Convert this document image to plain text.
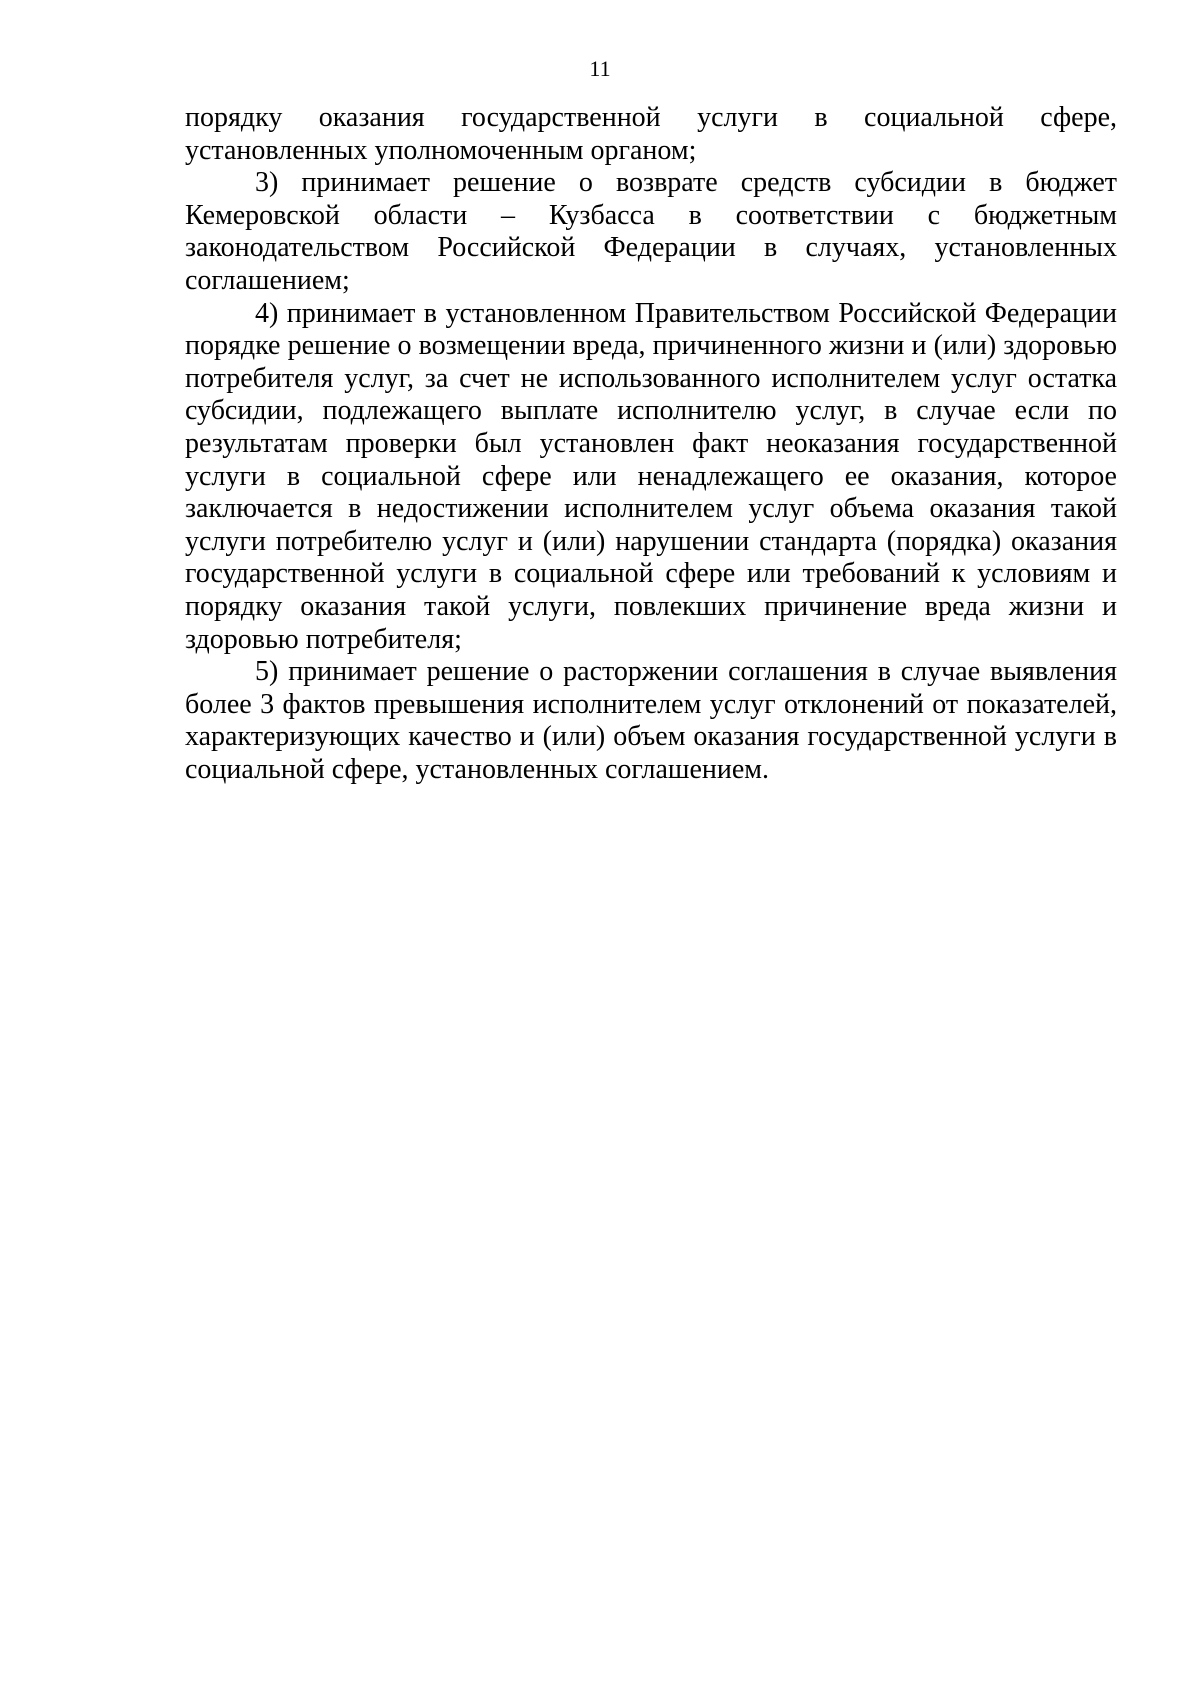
11

порядку оказания государственной услуги в социальной сфере, установленных уполномоченным органом;

3) принимает решение о возврате средств субсидии в бюджет Кемеровской области – Кузбасса в соответствии с бюджетным законодательством Российской Федерации в случаях, установленных соглашением;

4) принимает в установленном Правительством Российской Федерации порядке решение о возмещении вреда, причиненного жизни и (или) здоровью потребителя услуг, за счет не использованного исполнителем услуг остатка субсидии, подлежащего выплате исполнителю услуг, в случае если по результатам проверки был установлен факт неоказания государственной услуги в социальной сфере или ненадлежащего ее оказания, которое заключается в недостижении исполнителем услуг объема оказания такой услуги потребителю услуг и (или) нарушении стандарта (порядка) оказания государственной услуги в социальной сфере или требований к условиям и порядку оказания такой услуги, повлекших причинение вреда жизни и здоровью потребителя;

5) принимает решение о расторжении соглашения в случае выявления более 3 фактов превышения исполнителем услуг отклонений от показателей, характеризующих качество и (или) объем оказания государственной услуги в социальной сфере, установленных соглашением.
